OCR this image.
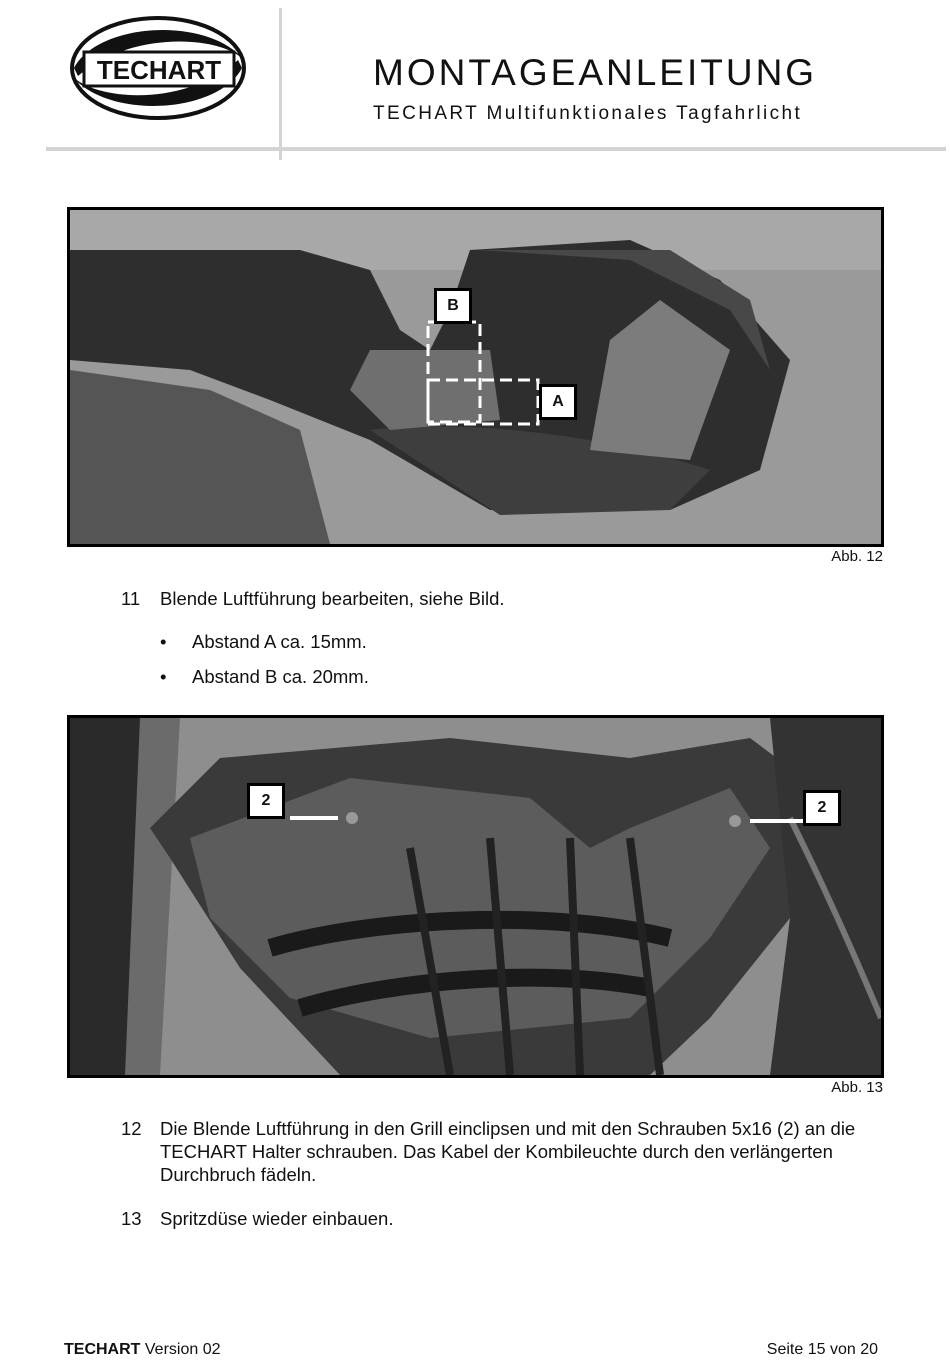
TECHART	MONTAGEANLEITUNG
TECHART Multifunktionales Tagfahrlicht
B
A
Abb. 12
11	Blende Luftführung bearbeiten, siehe Bild.
• Abstand A ca. 15mm.
• Abstand B ca. 20mm.
2	2
Abb. 13
12 Die Blende Luftführung in den Grill einclipsen und mit den Schrauben 5x16 (2) an die TECHART Halter schrauben. Das Kabel der Kombileuchte durch den verlängerten Durchbruch fädeln.
13 Spritzdüse wieder einbauen.
TECHART Version 02	Seite 15 von 20
